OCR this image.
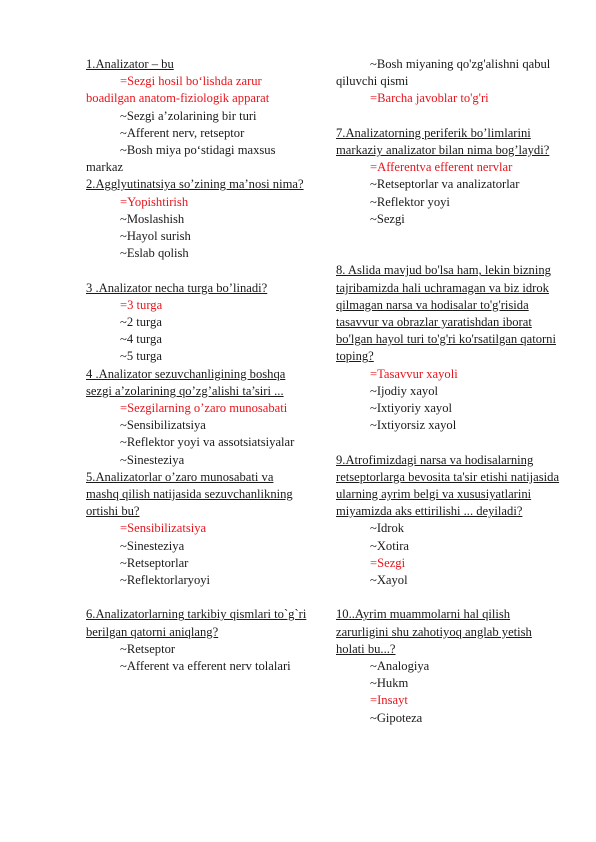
1.Analizator – bu

=Sezgi hosil bo‘lishda zarur boadilgan anatom-fiziologik apparat

~Sezgi a’zolarining bir turi

~Afferent nerv, retseptor

~Bosh miya po‘stidagi maxsus markaz

2.Agglyutinatsiya so’zining ma’nosi nima?

=Yopishtirish

~Moslashish

~Hayol surish

~Eslab qolish

3 .Analizator necha turga bo’linadi?

=3 turga

~2 turga

~4 turga

~5 turga

4 .Analizator sezuvchanligining boshqa sezgi a’zolarining qo’zg’alishi ta’siri ...

=Sezgilarning o’zaro munosabati

~Sensibilizatsiya

~Reflektor yoyi va assotsiatsiyalar

~Sinesteziya

5.Analizatorlar o’zaro munosabati va mashq qilish natijasida sezuvchanlikning ortishi bu?

=Sensibilizatsiya

~Sinesteziya

~Retseptorlar

~Reflektorlaryoyi

6.Analizatorlarning tarkibiy qismlari to`g`ri berilgan qatorni aniqlang?

~Retseptor

~Afferent va efferent nerv tolalari

~Bosh miyaning qo'zg'alishni qabul qiluvchi qismi

=Barcha javoblar to'g'ri

7.Analizatorning periferik bo’limlarini markaziy analizator bilan nima bog’laydi?

=Afferentva efferent nervlar

~Retseptorlar va analizatorlar

~Reflektor yoyi

~Sezgi

8. Aslida mavjud bo'lsa ham, lekin bizning tajribamizda hali uchramagan va biz idrok qilmagan narsa va hodisalar to'g'risida tasavvur va obrazlar yaratishdan iborat bo'lgan hayol turi to'g'ri ko'rsatilgan qatorni toping?

=Tasavvur xayoli

~Ijodiy xayol

~Ixtiyoriy xayol

~Ixtiyorsiz xayol

9.Atrofimizdagi narsa va hodisalarning retseptorlarga bevosita ta'sir etishi natijasida ularning ayrim belgi va xususiyatlarini miyamizda aks ettirilishi ... deyiladi?

~Idrok

~Xotira

=Sezgi

~Xayol

10..Ayrim muammolarni hal qilish zarurligini shu zahotiyoq anglab yetish holati bu...?

~Analogiya

~Hukm

=Insayt

~Gipoteza
